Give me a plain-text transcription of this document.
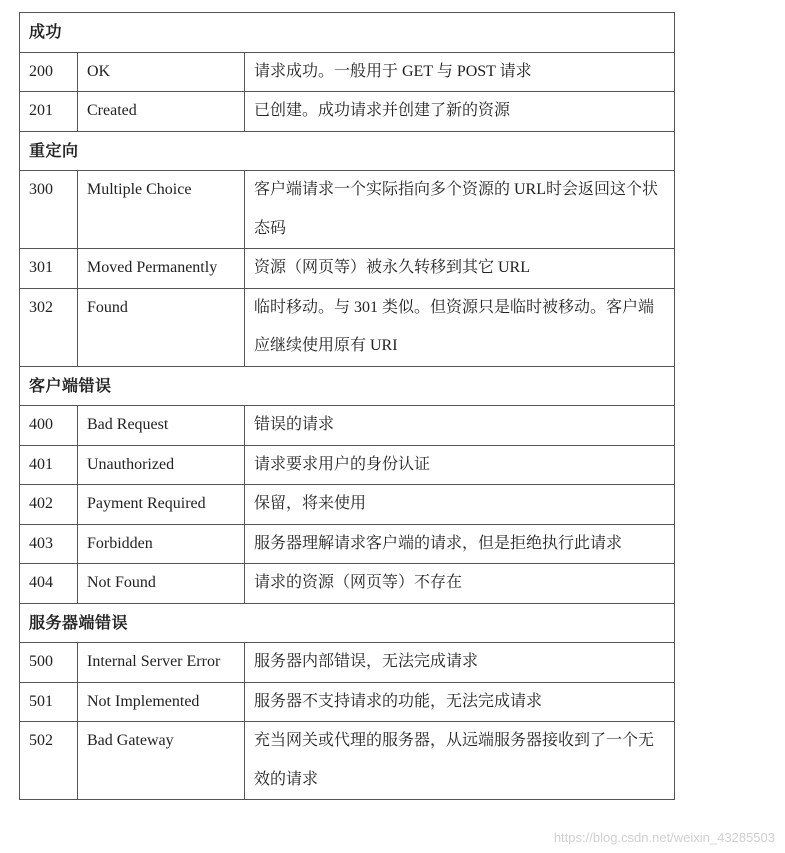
成功		
200	OK	请求成功。一般用于 GET 与 POST 请求
201	Created	已创建。成功请求并创建了新的资源
重定向		
300	Multiple Choice	客户端请求一个实际指向多个资源的 URL时会返回这个状态码
301	Moved Permanently	资源（网页等）被永久转移到其它 URL
302	Found	临时移动。与 301 类似。但资源只是临时被移动。客户端应继续使用原有 URI
客户端错误		
400	Bad Request	错误的请求
401	Unauthorized	请求要求用户的身份认证
402	Payment Required	保留，将来使用
403	Forbidden	服务器理解请求客户端的请求，但是拒绝执行此请求
404	Not Found	请求的资源（网页等）不存在
服务器端错误		
500	Internal Server Error	服务器内部错误，无法完成请求
501	Not Implemented	服务器不支持请求的功能，无法完成请求
502	Bad Gateway	充当网关或代理的服务器，从远端服务器接收到了一个无效的请求
https://blog.csdn.net/weixin_43285503
